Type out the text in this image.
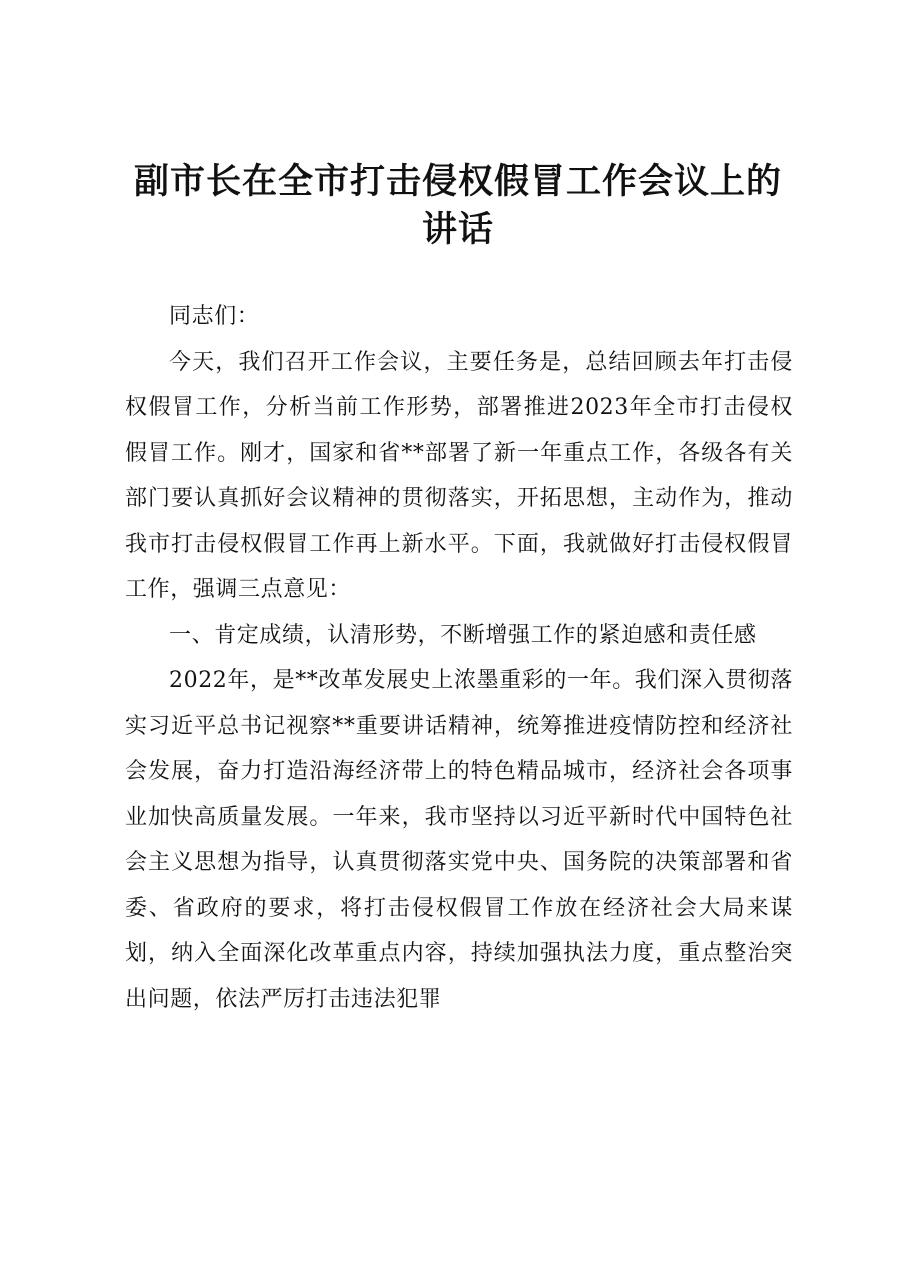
副市长在全市打击侵权假冒工作会议上的讲话

同志们：

今天，我们召开工作会议，主要任务是，总结回顾去年打击侵权假冒工作，分析当前工作形势，部署推进2023年全市打击侵权假冒工作。刚才，国家和省**部署了新一年重点工作，各级各有关部门要认真抓好会议精神的贯彻落实，开拓思想，主动作为，推动我市打击侵权假冒工作再上新水平。下面，我就做好打击侵权假冒工作，强调三点意见：

一、肯定成绩，认清形势，不断增强工作的紧迫感和责任感

2022年，是**改革发展史上浓墨重彩的一年。我们深入贯彻落实习近平总书记视察**重要讲话精神，统筹推进疫情防控和经济社会发展，奋力打造沿海经济带上的特色精品城市，经济社会各项事业加快高质量发展。一年来，我市坚持以习近平新时代中国特色社会主义思想为指导，认真贯彻落实党中央、国务院的决策部署和省委、省政府的要求，将打击侵权假冒工作放在经济社会大局来谋划，纳入全面深化改革重点内容，持续加强执法力度，重点整治突出问题，依法严厉打击违法犯罪
